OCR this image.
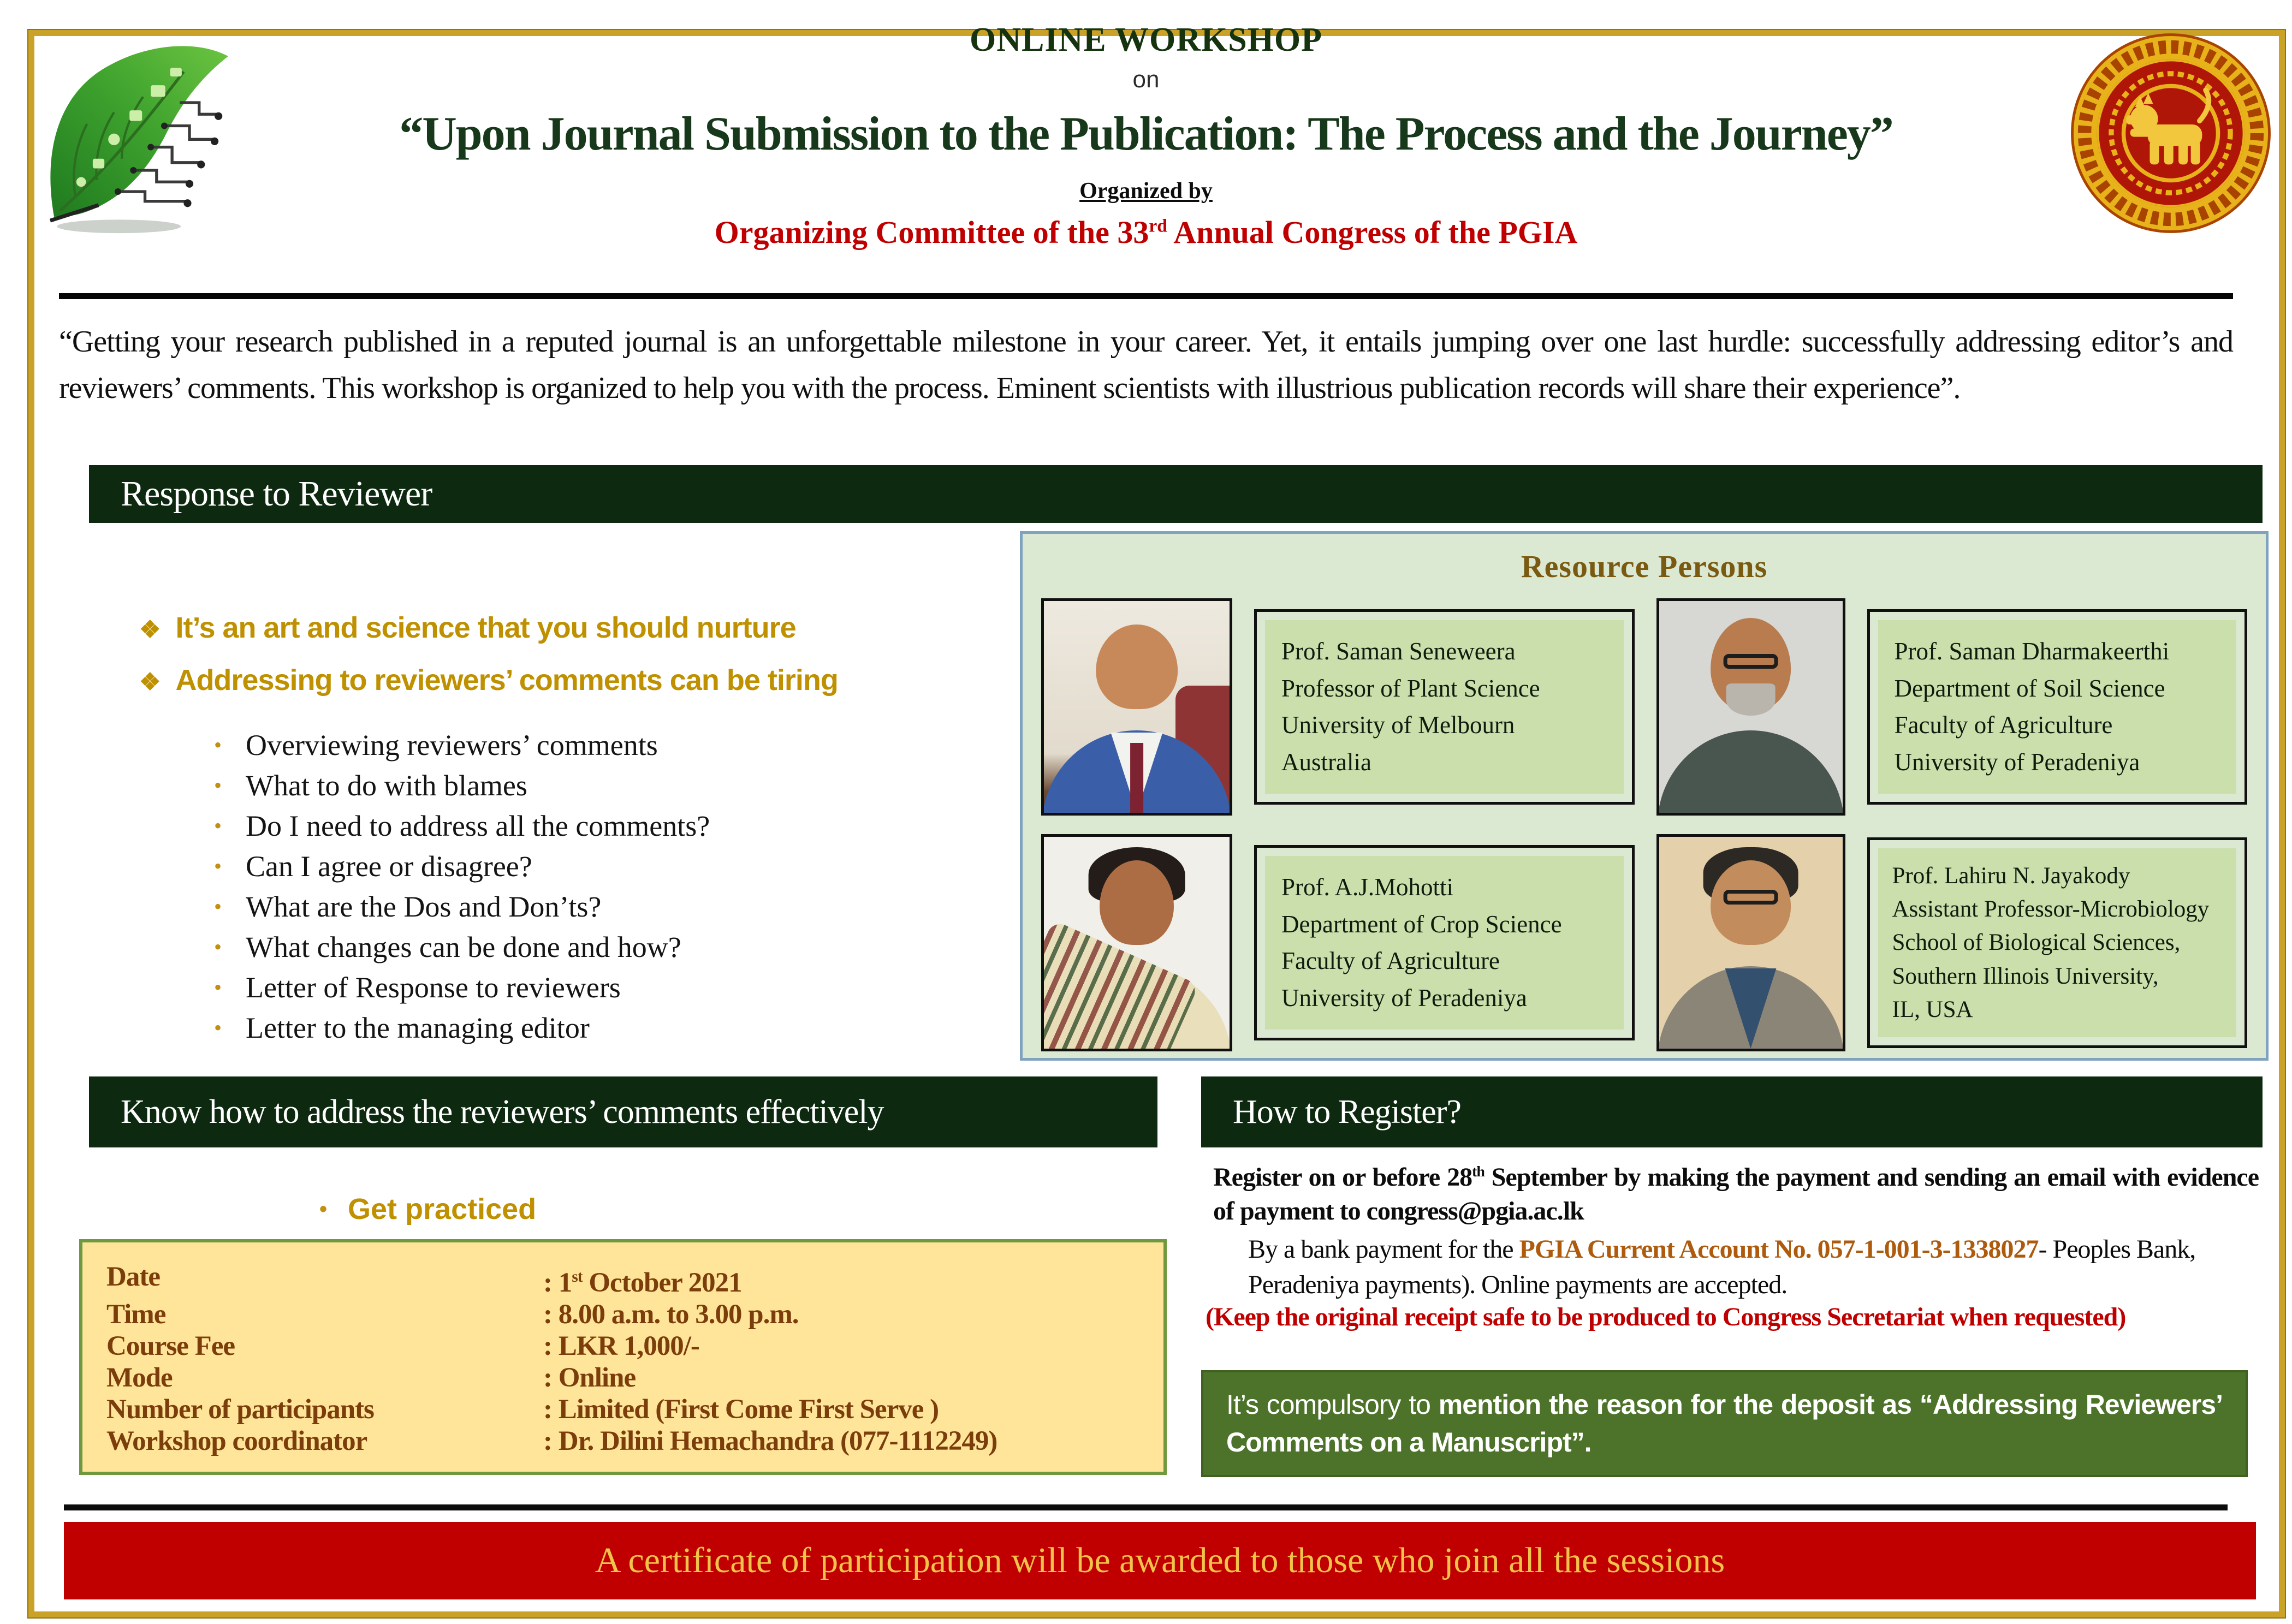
ONLINE WORKSHOP
on
“Upon Journal Submission to the Publication: The Process and the Journey”
Organized by
Organizing Committee of the 33rd Annual Congress of the PGIA
“Getting your research published in a reputed journal is an unforgettable milestone in your career. Yet, it entails jumping over one last hurdle: successfully addressing editor’s and reviewers’ comments. This workshop is organized to help you with the process. Eminent scientists with illustrious publication records will share their experience”.
Response to Reviewer
❖ It’s an art and science that you should nurture
❖ Addressing to reviewers’ comments can be tiring
• Overviewing reviewers’ comments
• What to do with blames
• Do I need to address all the comments?
• Can I agree or disagree?
• What are the Dos and Don’ts?
• What changes can be done and how?
• Letter of Response to reviewers
• Letter to the managing editor
Resource Persons
Prof. Saman Seneweera
Professor of Plant Science
University of Melbourn
Australia
Prof. Saman Dharmakeerthi
Department of Soil Science
Faculty of Agriculture
University of Peradeniya
Prof. A.J.Mohotti
Department of Crop Science
Faculty of Agriculture
University of Peradeniya
Prof. Lahiru N. Jayakody
Assistant Professor-Microbiology
School of Biological Sciences,
Southern Illinois University,
IL, USA
Know how to address the reviewers’ comments effectively	How to Register?
• Get practiced
Date	: 1st October 2021
Time	: 8.00 a.m. to 3.00 p.m.
Course Fee	: LKR 1,000/-
Mode	: Online
Number of participants	: Limited (First Come First Serve )
Workshop coordinator	: Dr. Dilini Hemachandra (077-1112249)
Register on or before 28th September by making the payment and sending an email with evidence of payment to congress@pgia.ac.lk
By a bank payment for the PGIA Current Account No. 057-1-001-3-1338027- Peoples Bank, Peradeniya payments). Online payments are accepted.
(Keep the original receipt safe to be produced to Congress Secretariat when requested)
It’s compulsory to mention the reason for the deposit as “Addressing Reviewers’ Comments on a Manuscript”.
A certificate of participation will be awarded to those who join all the sessions
